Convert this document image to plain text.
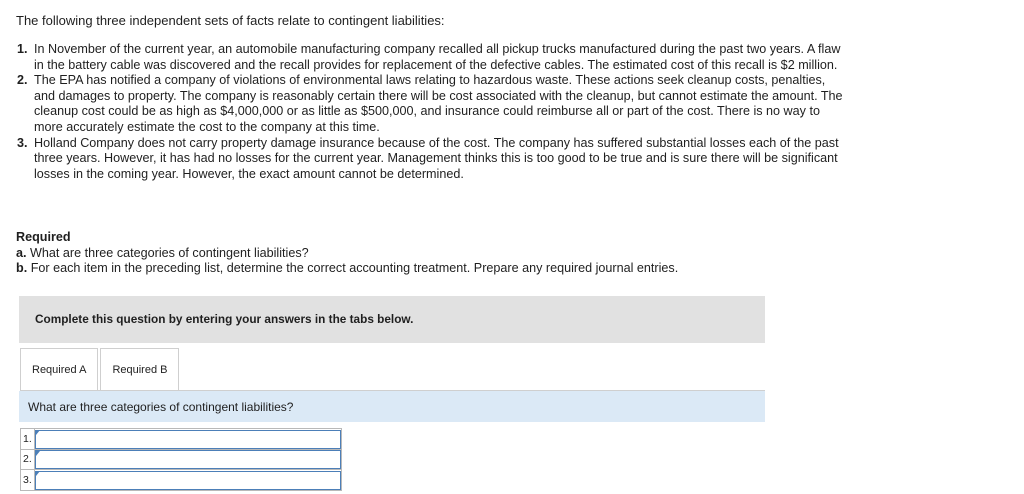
The following three independent sets of facts relate to contingent liabilities:
1. In November of the current year, an automobile manufacturing company recalled all pickup trucks manufactured during the past two years. A flaw in the battery cable was discovered and the recall provides for replacement of the defective cables. The estimated cost of this recall is $2 million.
2. The EPA has notified a company of violations of environmental laws relating to hazardous waste. These actions seek cleanup costs, penalties, and damages to property. The company is reasonably certain there will be cost associated with the cleanup, but cannot estimate the amount. The cleanup cost could be as high as $4,000,000 or as little as $500,000, and insurance could reimburse all or part of the cost. There is no way to more accurately estimate the cost to the company at this time.
3. Holland Company does not carry property damage insurance because of the cost. The company has suffered substantial losses each of the past three years. However, it has had no losses for the current year. Management thinks this is too good to be true and is sure there will be significant losses in the coming year. However, the exact amount cannot be determined.
Required
a. What are three categories of contingent liabilities?
b. For each item in the preceding list, determine the correct accounting treatment. Prepare any required journal entries.
Complete this question by entering your answers in the tabs below.
Required A	Required B
What are three categories of contingent liabilities?
1.	

2.	

3.	
